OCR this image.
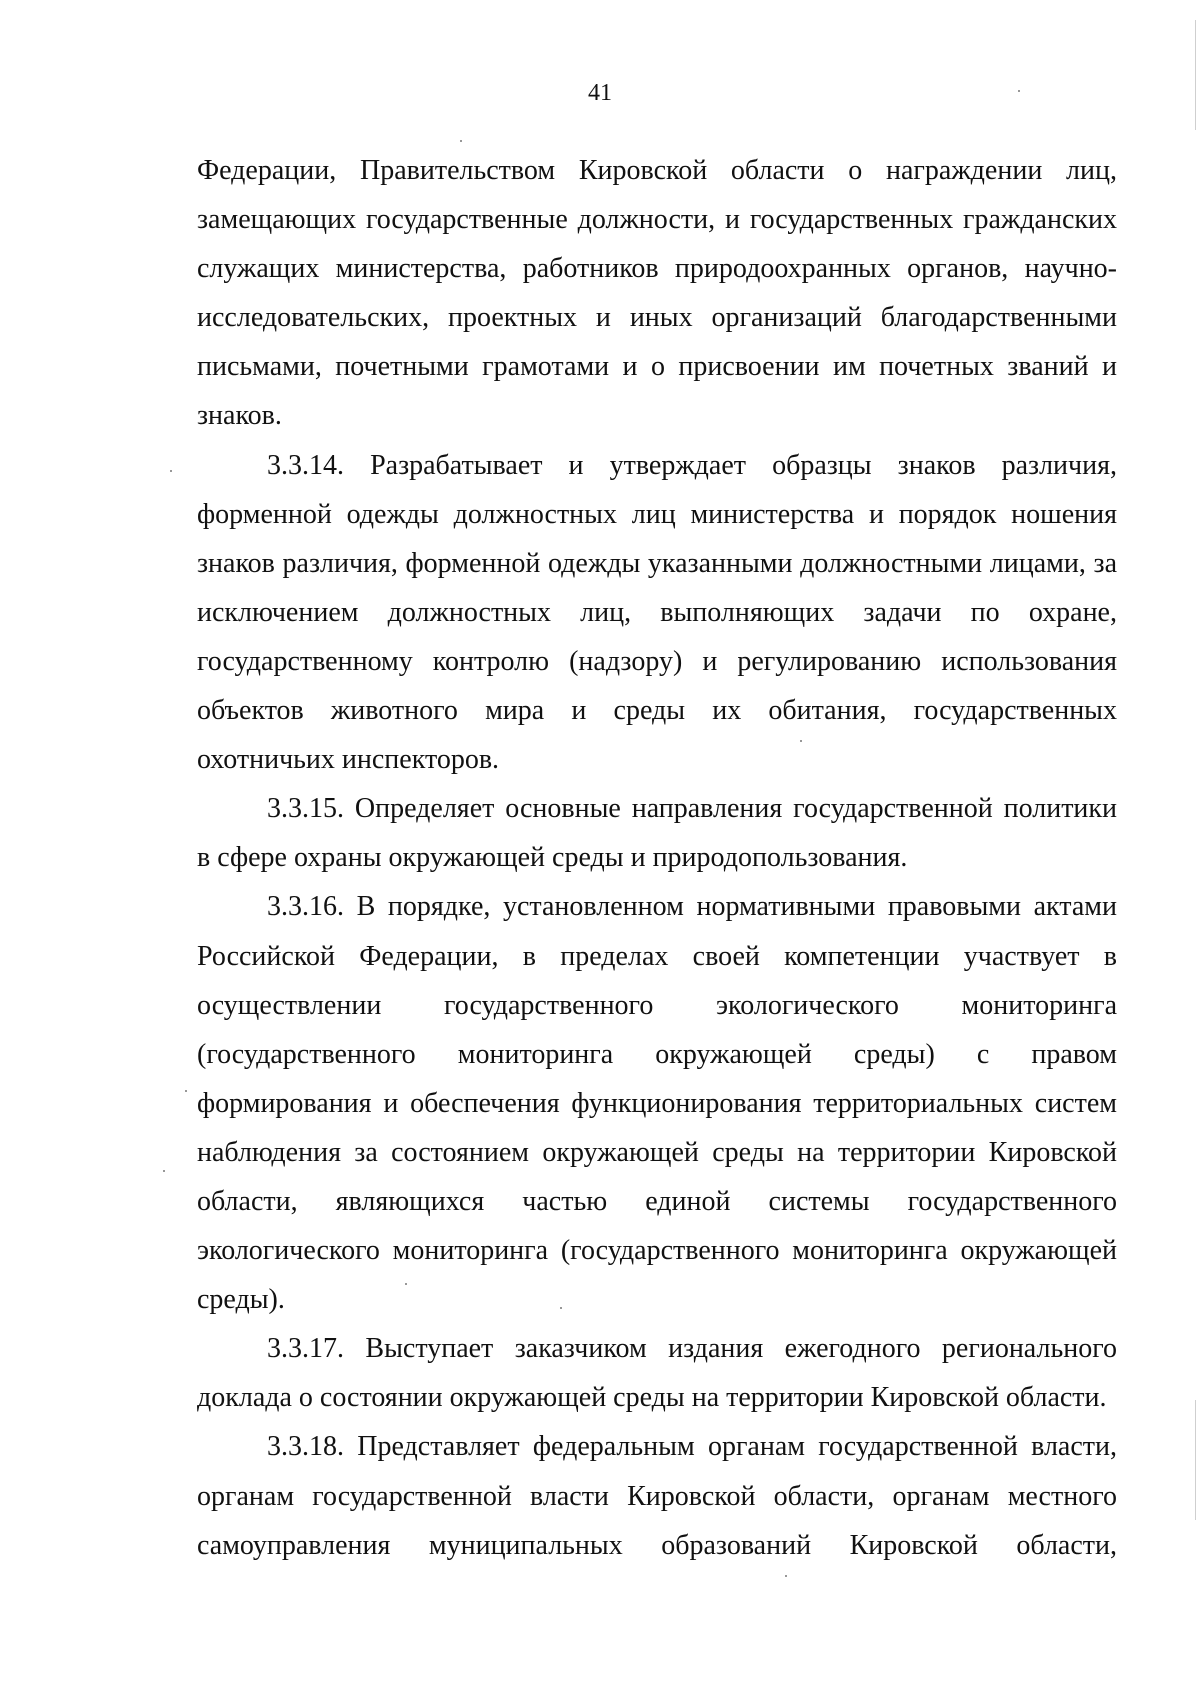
41

Федерации, Правительством Кировской области о награждении лиц, замещающих государственные должности, и государственных гражданских служащих министерства, работников природоохранных органов, научно-исследовательских, проектных и иных организаций благодарственными письмами, почетными грамотами и о присвоении им почетных званий и знаков.

3.3.14. Разрабатывает и утверждает образцы знаков различия, форменной одежды должностных лиц министерства и порядок ношения знаков различия, форменной одежды указанными должностными лицами, за исключением должностных лиц, выполняющих задачи по охране, государственному контролю (надзору) и регулированию использования объектов животного мира и среды их обитания, государственных охотничьих инспекторов.

3.3.15. Определяет основные направления государственной политики в сфере охраны окружающей среды и природопользования.

3.3.16. В порядке, установленном нормативными правовыми актами Российской Федерации, в пределах своей компетенции участвует в осуществлении государственного экологического мониторинга (государственного мониторинга окружающей среды) с правом формирования и обеспечения функционирования территориальных систем наблюдения за состоянием окружающей среды на территории Кировской области, являющихся частью единой системы государственного экологического мониторинга (государственного мониторинга окружающей среды).

3.3.17. Выступает заказчиком издания ежегодного регионального доклада о состоянии окружающей среды на территории Кировской области.

3.3.18. Представляет федеральным органам государственной власти, органам государственной власти Кировской области, органам местного самоуправления муниципальных образований Кировской области,
